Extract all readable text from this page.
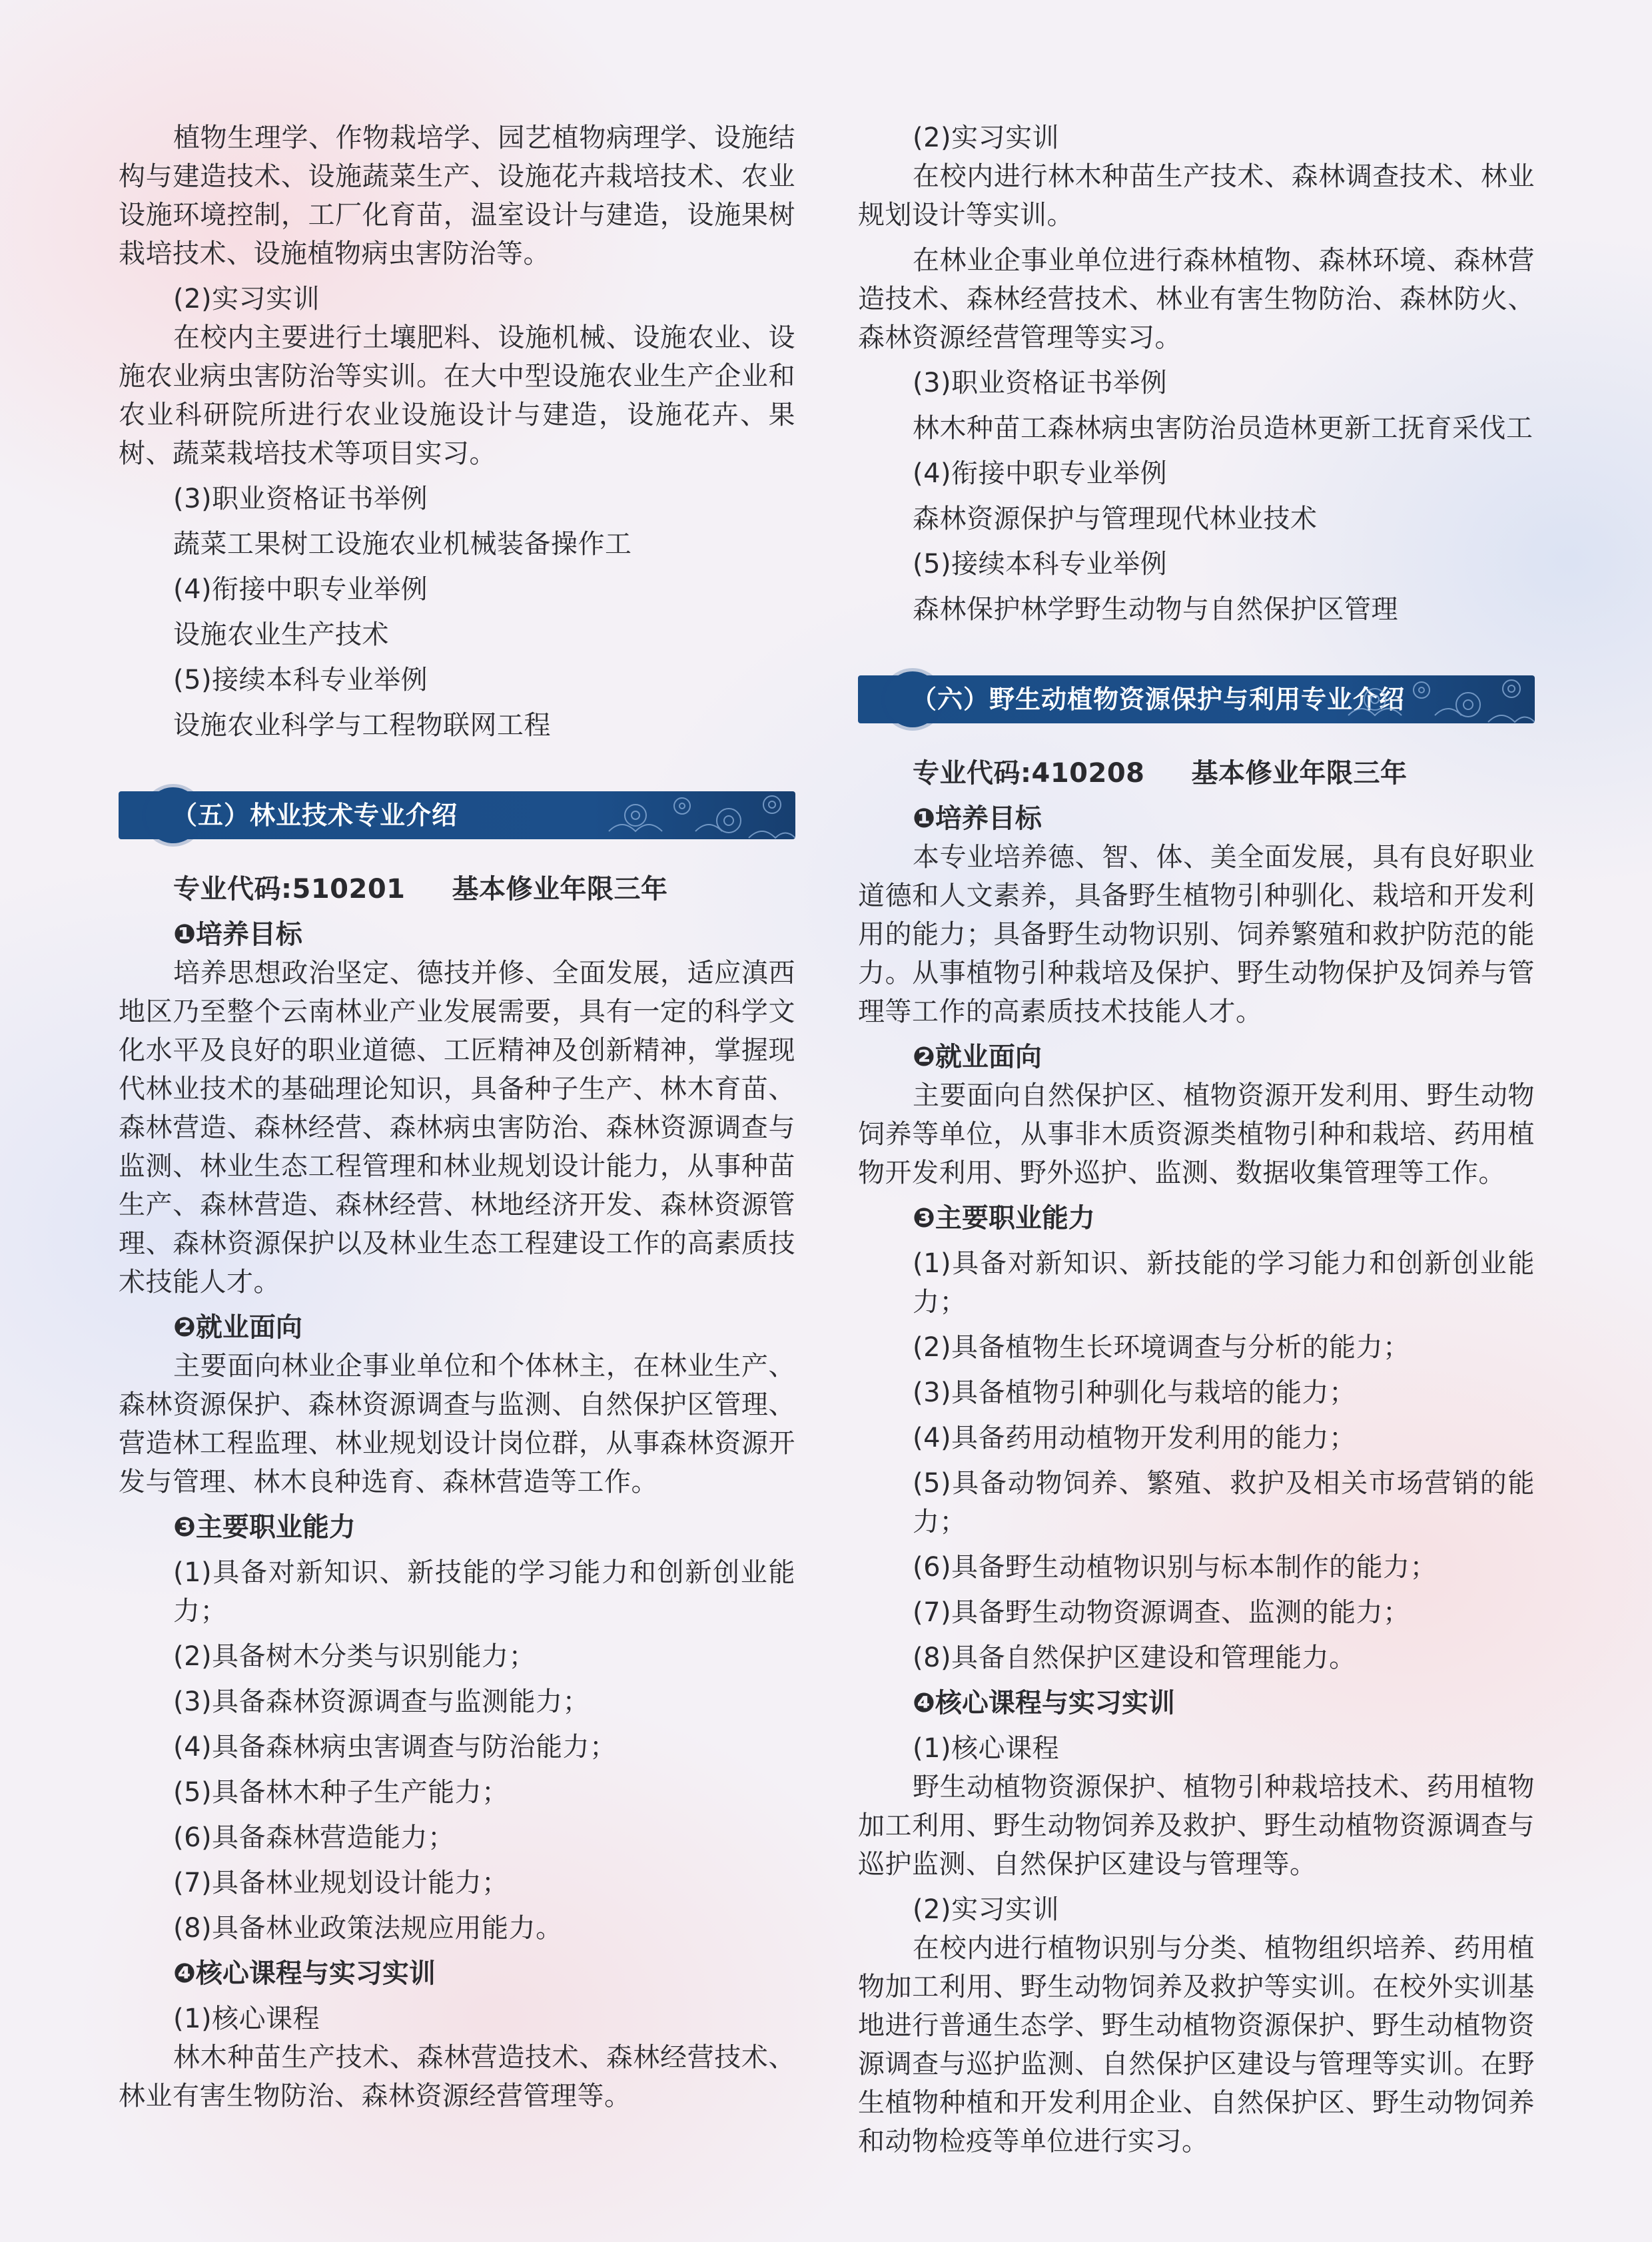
植物生理学、作物栽培学、园艺植物病理学、设施结构与建造技术、设施蔬菜生产、设施花卉栽培技术、农业设施环境控制，工厂化育苗，温室设计与建造，设施果树栽培技术、设施植物病虫害防治等。

(2)实习实训

在校内主要进行土壤肥料、设施机械、设施农业、设施农业病虫害防治等实训。在大中型设施农业生产企业和农业科研院所进行农业设施设计与建造，设施花卉、果树、蔬菜栽培技术等项目实习。

(3)职业资格证书举例

蔬菜工果树工设施农业机械装备操作工

(4)衔接中职专业举例

设施农业生产技术

(5)接续本科专业举例

设施农业科学与工程物联网工程

（五）林业技术专业介绍

专业代码:510201 基本修业年限三年

❶培养目标

培养思想政治坚定、德技并修、全面发展，适应滇西地区乃至整个云南林业产业发展需要，具有一定的科学文化水平及良好的职业道德、工匠精神及创新精神，掌握现代林业技术的基础理论知识，具备种子生产、林木育苗、森林营造、森林经营、森林病虫害防治、森林资源调查与监测、林业生态工程管理和林业规划设计能力，从事种苗生产、森林营造、森林经营、林地经济开发、森林资源管理、森林资源保护以及林业生态工程建设工作的高素质技术技能人才。

❷就业面向

主要面向林业企事业单位和个体林主，在林业生产、森林资源保护、森林资源调查与监测、自然保护区管理、营造林工程监理、林业规划设计岗位群，从事森林资源开发与管理、林木良种选育、森林营造等工作。

❸主要职业能力

(1)具备对新知识、新技能的学习能力和创新创业能力；

(2)具备树木分类与识别能力；

(3)具备森林资源调查与监测能力；

(4)具备森林病虫害调查与防治能力；

(5)具备林木种子生产能力；

(6)具备森林营造能力；

(7)具备林业规划设计能力；

(8)具备林业政策法规应用能力。

❹核心课程与实习实训

(1)核心课程

林木种苗生产技术、森林营造技术、森林经营技术、林业有害生物防治、森林资源经营管理等。

(2)实习实训

在校内进行林木种苗生产技术、森林调查技术、林业规划设计等实训。

在林业企事业单位进行森林植物、森林环境、森林营造技术、森林经营技术、林业有害生物防治、森林防火、森林资源经营管理等实习。

(3)职业资格证书举例

林木种苗工森林病虫害防治员造林更新工抚育采伐工

(4)衔接中职专业举例

森林资源保护与管理现代林业技术

(5)接续本科专业举例

森林保护林学野生动物与自然保护区管理

（六）野生动植物资源保护与利用专业介绍

专业代码:410208 基本修业年限三年

❶培养目标

本专业培养德、智、体、美全面发展，具有良好职业道德和人文素养，具备野生植物引种驯化、栽培和开发利用的能力；具备野生动物识别、饲养繁殖和救护防范的能力。从事植物引种栽培及保护、野生动物保护及饲养与管理等工作的高素质技术技能人才。

❷就业面向

主要面向自然保护区、植物资源开发利用、野生动物饲养等单位，从事非木质资源类植物引种和栽培、药用植物开发利用、野外巡护、监测、数据收集管理等工作。

❸主要职业能力

(1)具备对新知识、新技能的学习能力和创新创业能力；

(2)具备植物生长环境调查与分析的能力；

(3)具备植物引种驯化与栽培的能力；

(4)具备药用动植物开发利用的能力；

(5)具备动物饲养、繁殖、救护及相关市场营销的能力；

(6)具备野生动植物识别与标本制作的能力；

(7)具备野生动物资源调查、监测的能力；

(8)具备自然保护区建设和管理能力。

❹核心课程与实习实训

(1)核心课程

野生动植物资源保护、植物引种栽培技术、药用植物加工利用、野生动物饲养及救护、野生动植物资源调查与巡护监测、自然保护区建设与管理等。

(2)实习实训

在校内进行植物识别与分类、植物组织培养、药用植物加工利用、野生动物饲养及救护等实训。在校外实训基地进行普通生态学、野生动植物资源保护、野生动植物资源调查与巡护监测、自然保护区建设与管理等实训。在野生植物种植和开发利用企业、自然保护区、野生动物饲养和动物检疫等单位进行实习。
